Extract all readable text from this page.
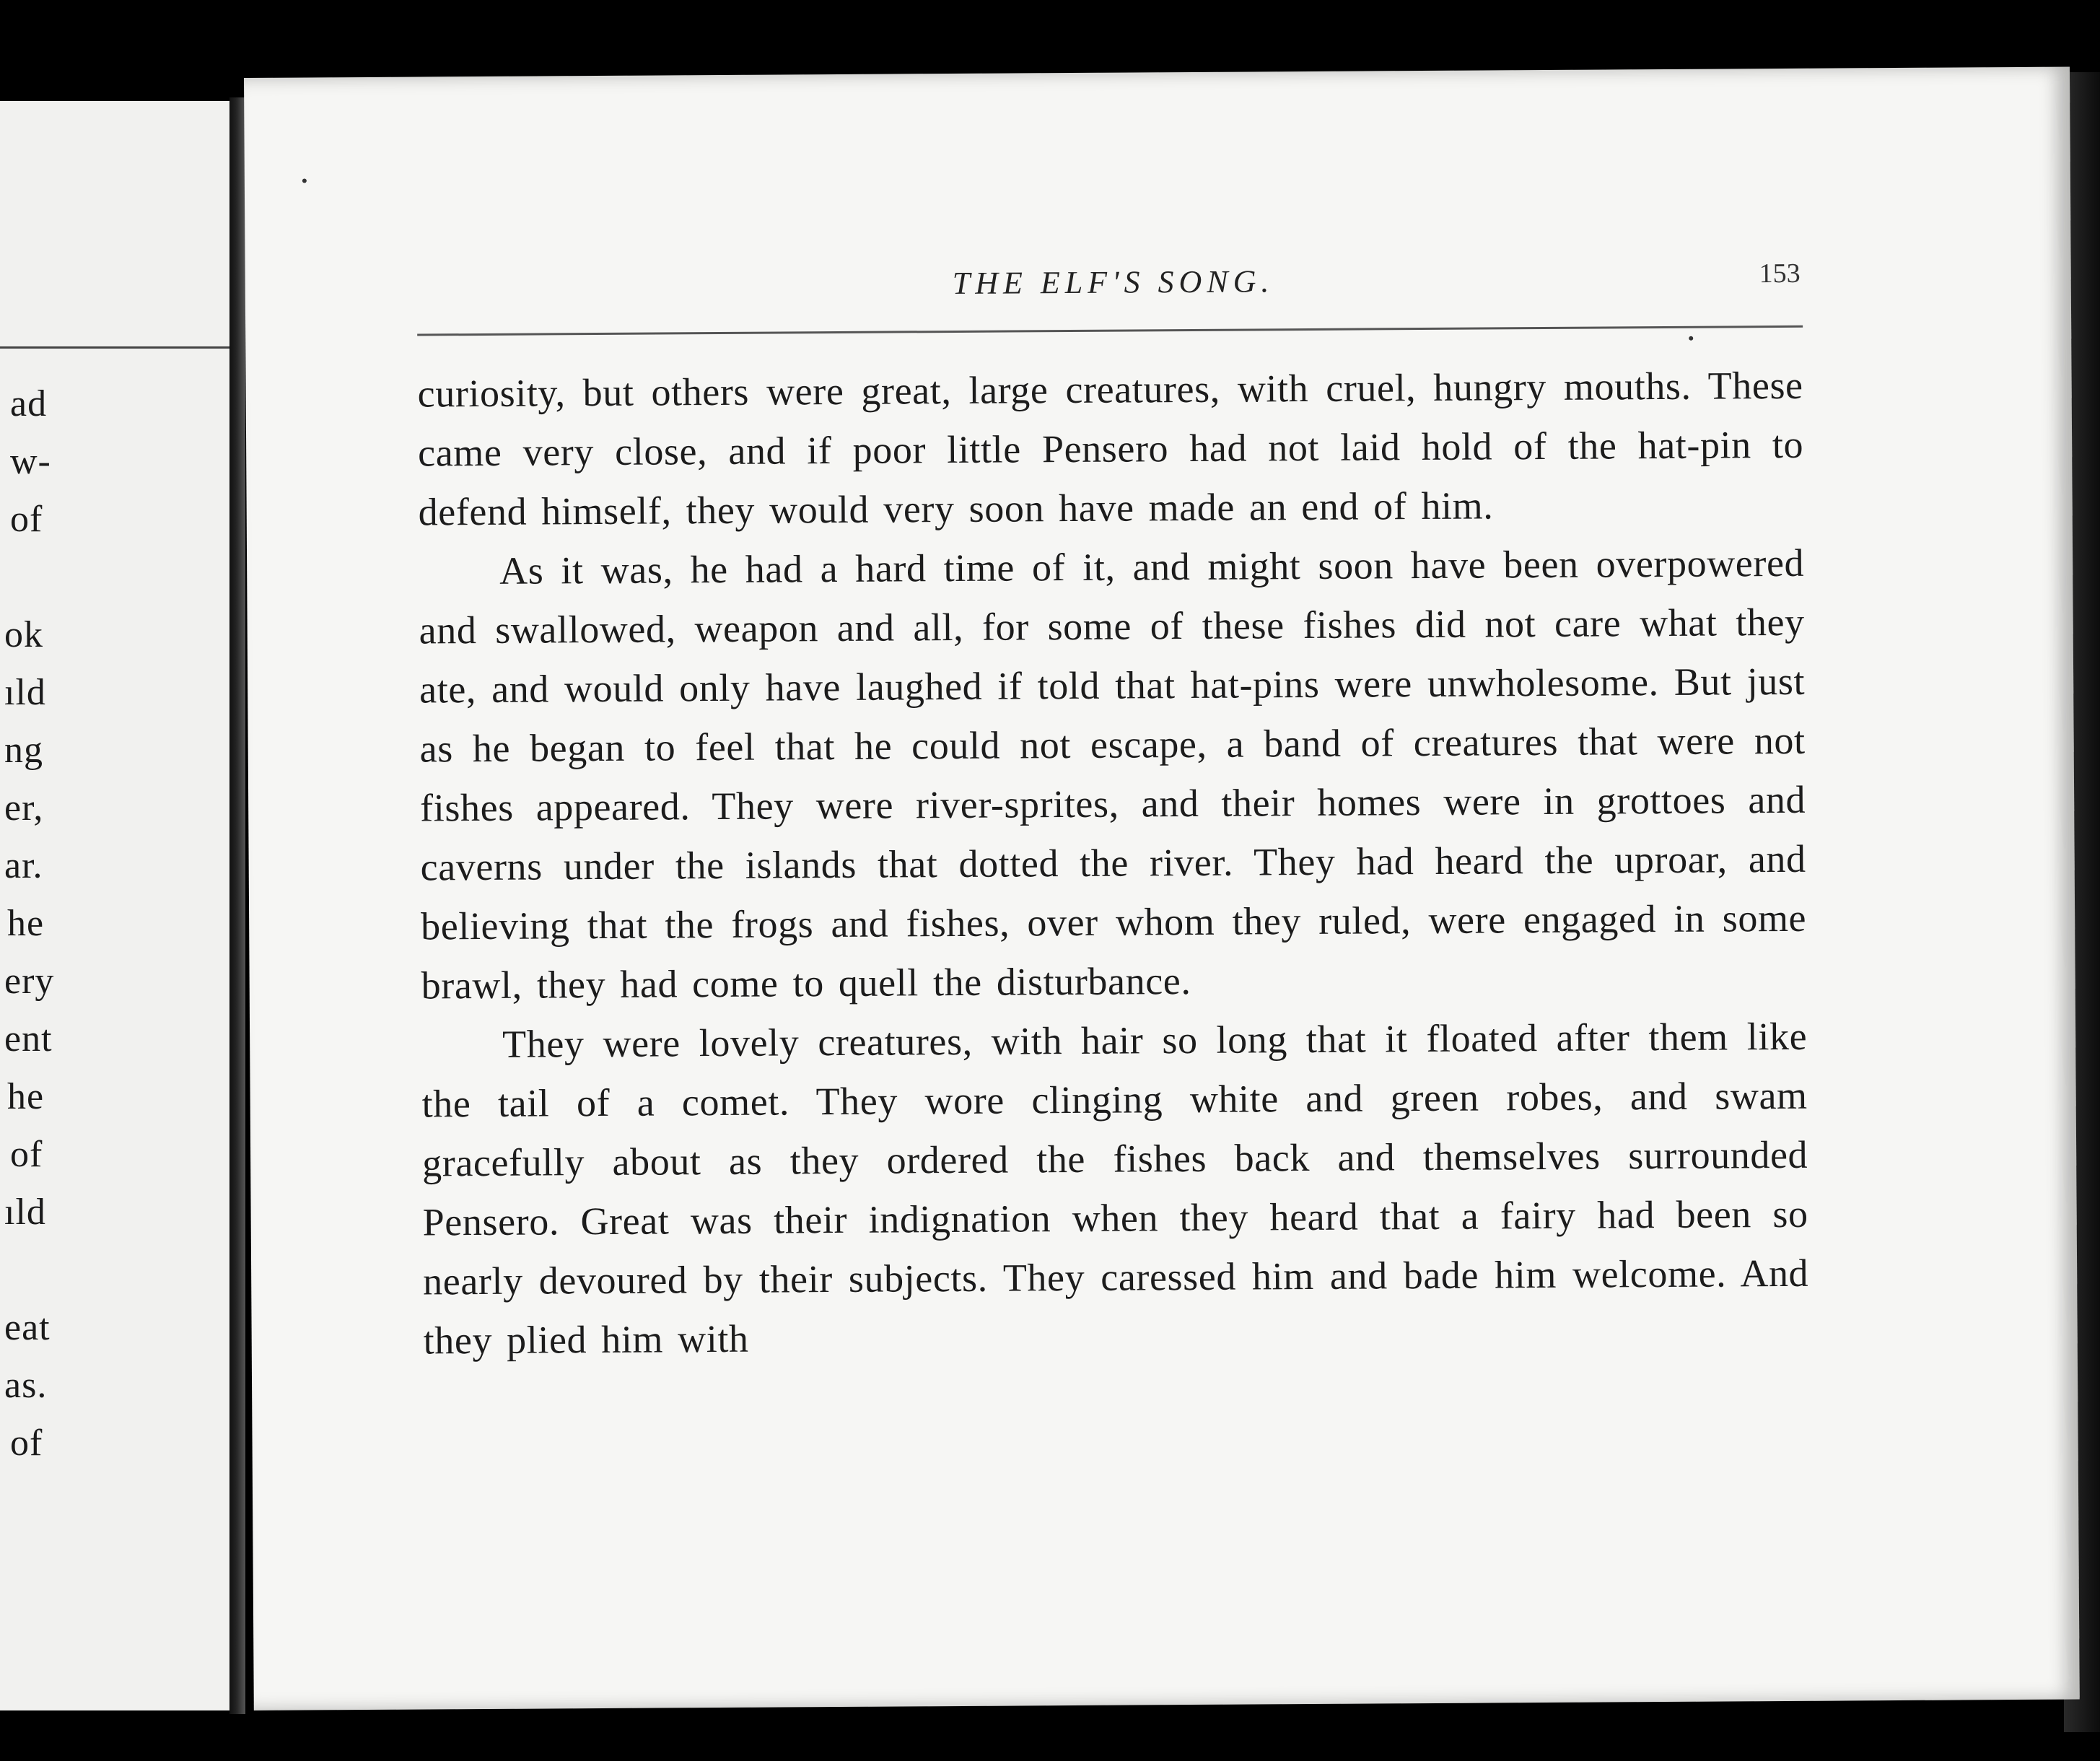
ad
w-
of
ok
ıld
ng
er,
ar.
he
ery
ent
he
of
ıld
eat
as.
of
THE ELF'S SONG.	153

curiosity, but others were great, large creatures, with cruel, hungry mouths. These came very close, and if poor little Pensero had not laid hold of the hat-pin to defend himself, they would very soon have made an end of him.

As it was, he had a hard time of it, and might soon have been overpowered and swallowed, weapon and all, for some of these fishes did not care what they ate, and would only have laughed if told that hat-pins were unwholesome. But just as he began to feel that he could not escape, a band of creatures that were not fishes appeared. They were river-sprites, and their homes were in grottoes and caverns under the islands that dotted the river. They had heard the uproar, and believing that the frogs and fishes, over whom they ruled, were engaged in some brawl, they had come to quell the disturbance.

They were lovely creatures, with hair so long that it floated after them like the tail of a comet. They wore clinging white and green robes, and swam gracefully about as they ordered the fishes back and themselves surrounded Pensero. Great was their indignation when they heard that a fairy had been so nearly devoured by their subjects. They caressed him and bade him welcome. And they plied him with
